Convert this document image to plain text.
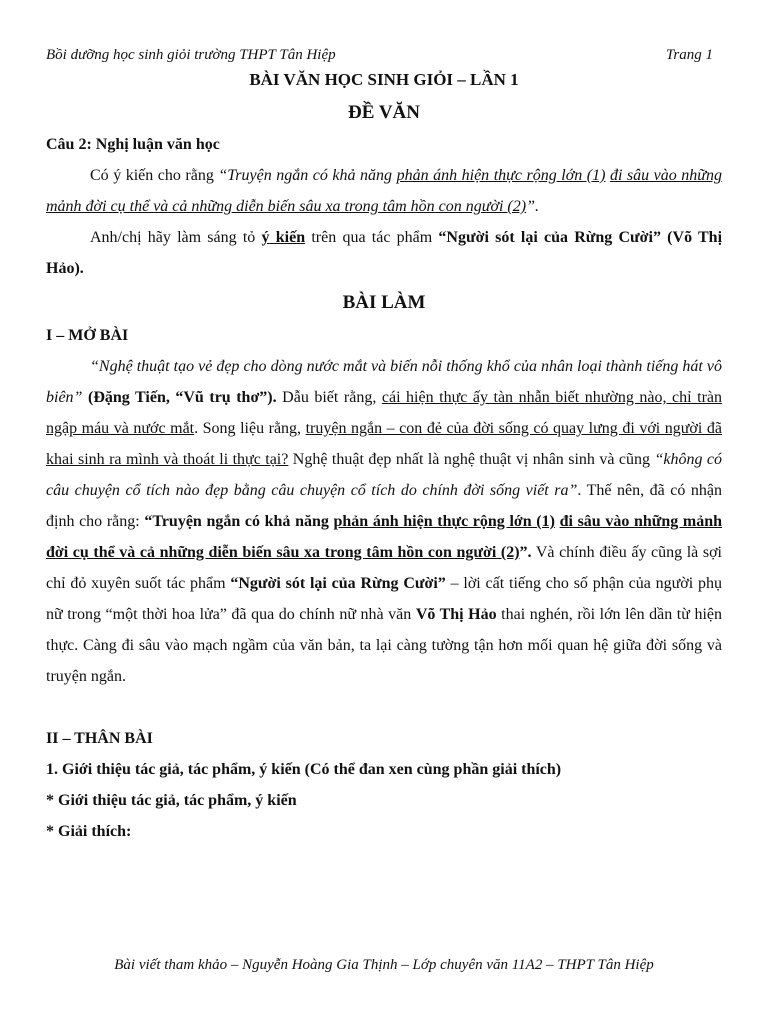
Bồi dưỡng học sinh giỏi trường THPT Tân Hiệp	Trang 1
BÀI VĂN HỌC SINH GIỎI – LẦN 1
ĐỀ VĂN

Câu 2: Nghị luận văn học

Có ý kiến cho rằng “Truyện ngắn có khả năng phản ánh hiện thực rộng lớn (1) đi sâu vào những mảnh đời cụ thể và cả những diễn biến sâu xa trong tâm hồn con người (2)”.

Anh/chị hãy làm sáng tỏ ý kiến trên qua tác phẩm “Người sót lại của Rừng Cười” (Võ Thị Hảo).

BÀI LÀM

I – MỞ BÀI

“Nghệ thuật tạo vẻ đẹp cho dòng nước mắt và biến nỗi thống khổ của nhân loại thành tiếng hát vô biên” (Đặng Tiến, “Vũ trụ thơ”). Dẫu biết rằng, cái hiện thực ấy tàn nhẫn biết nhường nào, chỉ tràn ngập máu và nước mắt. Song liệu rằng, truyện ngắn – con đẻ của đời sống có quay lưng đi với người đã khai sinh ra mình và thoát li thực tại? Nghệ thuật đẹp nhất là nghệ thuật vị nhân sinh và cũng “không có câu chuyện cổ tích nào đẹp bằng câu chuyện cổ tích do chính đời sống viết ra”. Thế nên, đã có nhận định cho rằng: “Truyện ngắn có khả năng phản ánh hiện thực rộng lớn (1) đi sâu vào những mảnh đời cụ thể và cả những diễn biến sâu xa trong tâm hồn con người (2)”. Và chính điều ấy cũng là sợi chỉ đỏ xuyên suốt tác phẩm “Người sót lại của Rừng Cười” – lời cất tiếng cho số phận của người phụ nữ trong “một thời hoa lửa” đã qua do chính nữ nhà văn Võ Thị Hảo thai nghén, rồi lớn lên dần từ hiện thực. Càng đi sâu vào mạch ngầm của văn bản, ta lại càng tường tận hơn mối quan hệ giữa đời sống và truyện ngắn.

II – THÂN BÀI

1. Giới thiệu tác giả, tác phẩm, ý kiến (Có thể đan xen cùng phần giải thích)

* Giới thiệu tác giả, tác phẩm, ý kiến

* Giải thích:

Bài viết tham khảo – Nguyễn Hoàng Gia Thịnh – Lớp chuyên văn 11A2 – THPT Tân Hiệp
